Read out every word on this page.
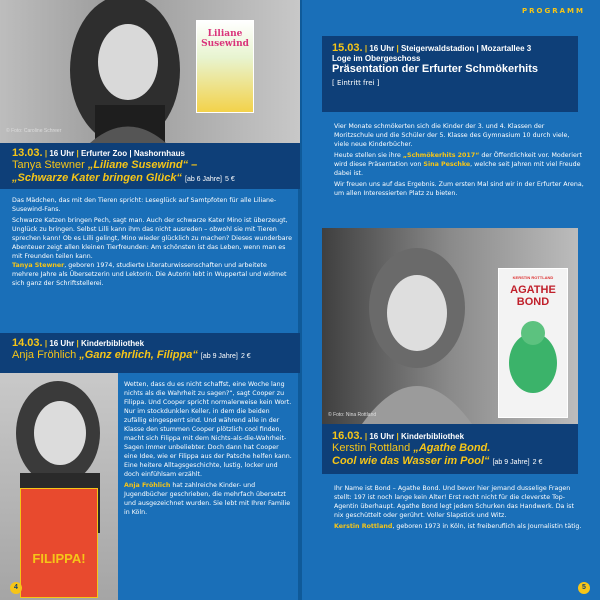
Liliane Susewind
© Foto: Caroline Schreer
13.03. | 16 Uhr | Erfurter Zoo | Nashornhaus
Tanya Stewner „Liliane Susewind“ –
„Schwarze Kater bringen Glück“ [ab 6 Jahre] 5 €

Das Mädchen, das mit den Tieren spricht: Leseglück auf Samtpfoten für alle Liliane-Susewind-Fans.

Schwarze Katzen bringen Pech, sagt man. Auch der schwarze Kater Mino ist überzeugt, Unglück zu bringen. Selbst Lilli kann ihm das nicht ausreden – obwohl sie mit Tieren sprechen kann! Ob es Lilli gelingt, Mino wieder glücklich zu machen? Dieses wunderbare Abenteuer zeigt allen kleinen Tierfreunden: Am schönsten ist das Leben, wenn man es mit Freunden teilen kann.

Tanya Stewner, geboren 1974, studierte Literaturwissenschaften und arbeitete mehrere Jahre als Übersetzerin und Lektorin. Die Autorin lebt in Wuppertal und widmet sich ganz der Schriftstellerei.

14.03. | 16 Uhr | Kinderbibliothek
Anja Fröhlich „Ganz ehrlich, Filippa“ [ab 9 Jahre] 2 €
FILIPPA!

Wetten, dass du es nicht schaffst, eine Woche lang nichts als die Wahrheit zu sagen?“, sagt Cooper zu Filippa. Und Cooper spricht normalerweise kein Wort. Nur im stockdunklen Keller, in dem die beiden zufällig eingesperrt sind. Und während alle in der Klasse den stummen Cooper plötzlich cool finden, macht sich Filippa mit dem Nichts-als-die-Wahrheit-Sagen immer unbeliebter. Doch dann hat Cooper eine Idee, wie er Filippa aus der Patsche helfen kann. Eine heitere Alltagsgeschichte, lustig, locker und doch einfühlsam erzählt.

Anja Fröhlich hat zahlreiche Kinder- und Jugendbücher geschrieben, die mehrfach übersetzt und ausgezeichnet wurden. Sie lebt mit Ihrer Familie in Köln.

4
PROGRAMM
15.03. | 16 Uhr | Steigerwaldstadion | Mozartallee 3
Loge im Obergeschoss
Präsentation der Erfurter Schmökerhits
[ Eintritt frei ]

Vier Monate schmökerten sich die Kinder der 3. und 4. Klassen der Moritzschule und die Schüler der 5. Klasse des Gymnasium 10 durch viele, viele neue Kinderbücher.

Heute stellen sie ihre „Schmökerhits 2017“ der Öffentlichkeit vor. Moderiert wird diese Präsentation von Sina Peschke, welche seit Jahren mit viel Freude dabei ist.

Wir freuen uns auf das Ergebnis. Zum ersten Mal sind wir in der Erfurter Arena, um allen Interessierten Platz zu bieten.

KERSTIN ROTTLAND
AGATHE BOND
© Foto: Nina Rottland
16.03. | 16 Uhr | Kinderbibliothek
Kerstin Rottland „Agathe Bond.
Cool wie das Wasser im Pool“ [ab 9 Jahre] 2 €

Ihr Name ist Bond – Agathe Bond. Und bevor hier jemand dusselige Fragen stellt: 197 ist noch lange kein Alter! Erst recht nicht für die cleverste Top-Agentin überhaupt. Agathe Bond legt jedem Schurken das Handwerk. Da ist nix geschüttelt oder gerührt. Voller Slapstick und Witz.

Kerstin Rottland, geboren 1973 in Köln, ist freiberuflich als Journalistin tätig.

5
